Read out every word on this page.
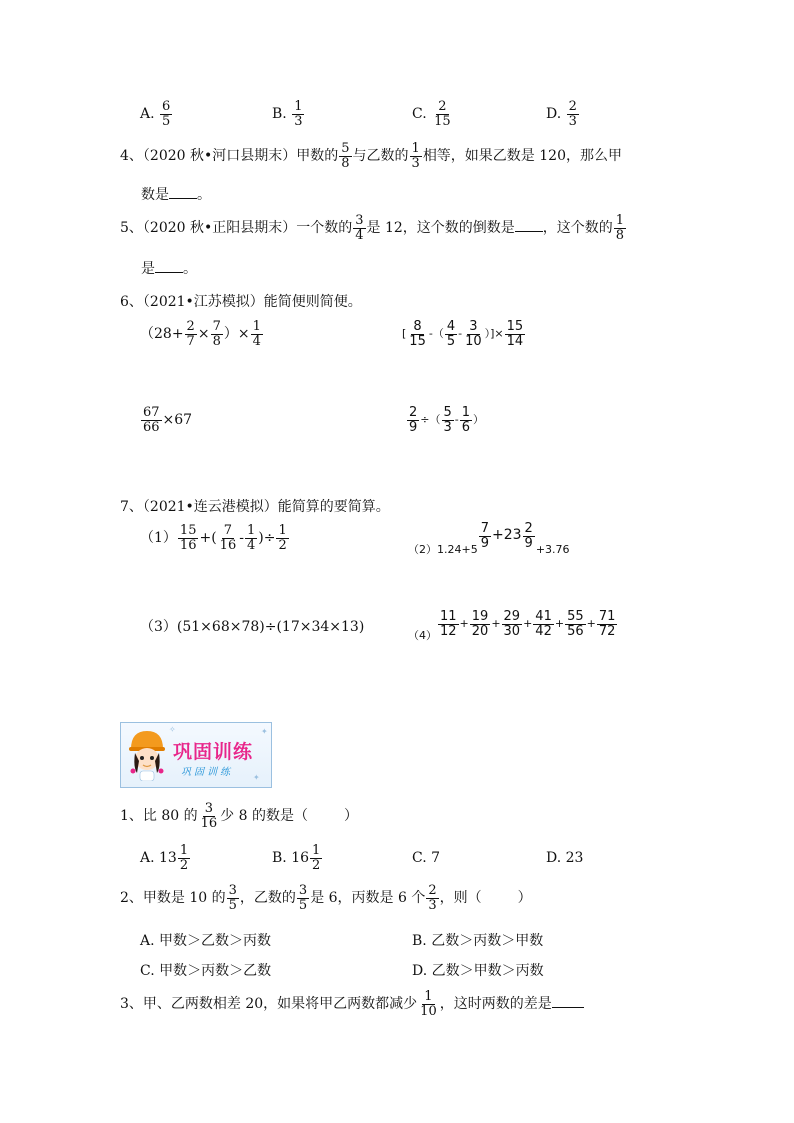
A. $\frac{6}{5}$	B. $\frac{1}{3}$	C. $\frac{2}{15}$	D. $\frac{2}{3}$
4、（2020 秋•河口县期末）甲数的 $\frac{5}{8}$ 与乙数的 $\frac{1}{3}$ 相等，如果乙数是 120，那么甲
数是 。
5、（2020 秋•正阳县期末）一个数的 $\frac{3}{4}$ 是 12，这个数的倒数是 ，这个数的 $\frac{1}{8}$
是 。
6、（2021•江苏模拟）能简便则简便。
（$28+ \frac{2}{7} \times \frac{7}{8}$ ）× $\frac{1}{4}$	[ $\frac{8}{15}$ -（ $\frac{4}{5} - \frac{3}{10}$ ）]× $\frac{15}{14}$
$\frac{67}{66} \times 67$	$\frac{2}{9}$ ÷（ $\frac{5}{3} - \frac{1}{6}$ ）
7、（2021•连云港模拟）能简算的要简算。
$(1) \frac{15}{16}$ +( $\frac{7}{16} - \frac{1}{4}$ )÷ $\frac{1}{2}$	$(2)1.24+5 \frac{7}{9} +23 \frac{2}{9} +3.76$
（3）(51×68×78)÷(17×34×13)
$(4) \frac{11}{12} + \frac{19}{20} + \frac{29}{30} + \frac{41}{42} + \frac{55}{56} + \frac{71}{72}$
✦
✦
✧
巩固训练
巩固训练
1、比 80 的 $\frac{3}{16}$ 少 8 的数是（	）
A. $13 \frac{1}{2}$	B. $16 \frac{1}{2}$	C. 7	D. 23
2、甲数是 10 的 $\frac{3}{5}$ ，乙数的 $\frac{3}{5}$ 是 6，丙数是 6 个 $\frac{2}{3}$ ，则（	）
A. 甲数＞乙数＞丙数	B. 乙数＞丙数＞甲数
C. 甲数＞丙数＞乙数	D. 乙数＞甲数＞丙数
3、甲、乙两数相差 20，如果将甲乙两数都减少 $\frac{1}{10}$ ，这时两数的差是
